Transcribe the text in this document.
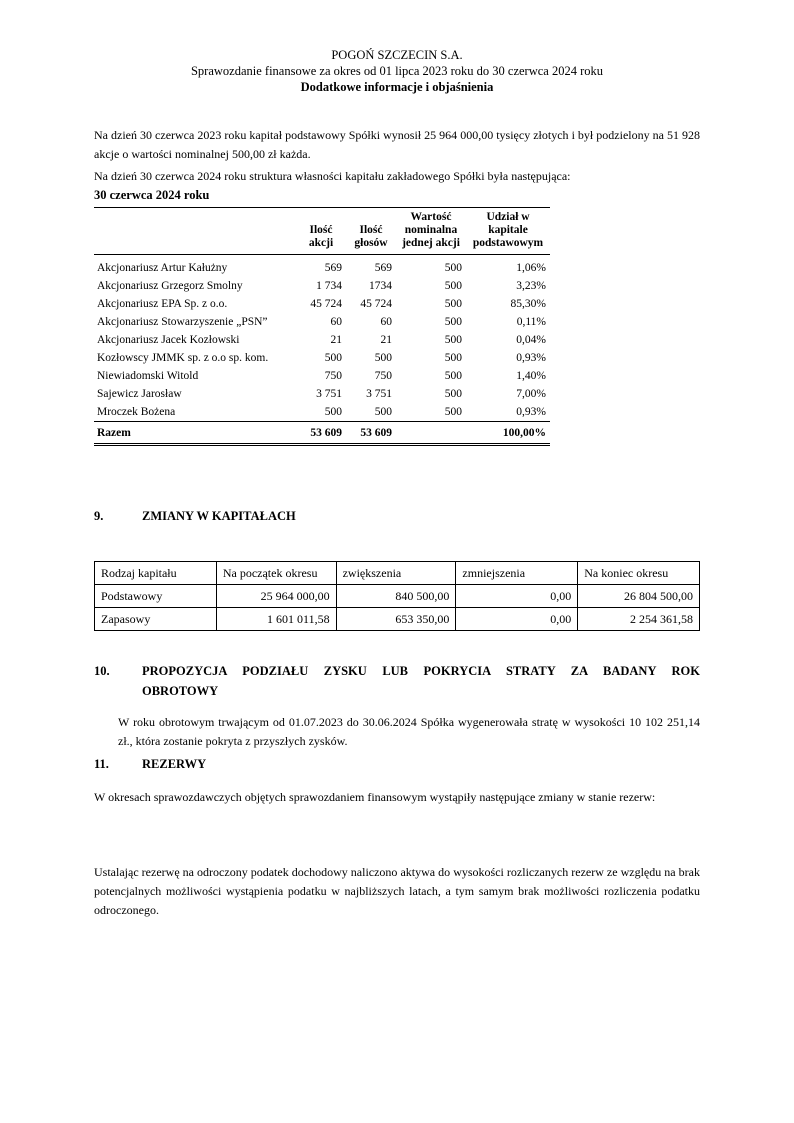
POGOŃ SZCZECIN S.A.
Sprawozdanie finansowe za okres od 01 lipca 2023 roku do 30 czerwca 2024 roku
Dodatkowe informacje i objaśnienia
Na dzień 30 czerwca 2023 roku kapitał podstawowy Spółki wynosił 25 964 000,00 tysięcy złotych i był podzielony na 51 928 akcje o wartości nominalnej 500,00 zł każda.
Na dzień 30 czerwca 2024 roku struktura własności kapitału zakładowego Spółki była następująca:
30 czerwca 2024 roku
	Ilość akcji	Ilość głosów	Wartość nominalna jednej akcji	Udział w kapitale podstawowym

Akcjonariusz Artur Kałużny	569	569	500	1,06%
Akcjonariusz Grzegorz Smolny	1 734	1734	500	3,23%
Akcjonariusz EPA Sp. z o.o.	45 724	45 724	500	85,30%
Akcjonariusz Stowarzyszenie „PSN”	60	60	500	0,11%
Akcjonariusz Jacek Kozłowski	21	21	500	0,04%
Kozłowscy JMMK sp. z o.o sp. kom.	500	500	500	0,93%
Niewiadomski Witold	750	750	500	1,40%
Sajewicz Jarosław	3 751	3 751	500	7,00%
Mroczek Bożena	500	500	500	0,93%
Razem	53 609	53 609		100,00%
9.	ZMIANY W KAPITAŁACH
Rodzaj kapitału	Na początek okresu	zwiększenia	zmniejszenia	Na koniec okresu
Podstawowy	25 964 000,00	840 500,00	0,00	26 804 500,00
Zapasowy	1 601 011,58	653 350,00	0,00	2 254 361,58
10.	PROPOZYCJA PODZIAŁU ZYSKU LUB POKRYCIA STRATY ZA BADANY ROK
OBROTOWY
W roku obrotowym trwającym od 01.07.2023 do 30.06.2024 Spółka wygenerowała stratę w wysokości 10 102 251,14 zł., która zostanie pokryta z przyszłych zysków.
11.	REZERWY
W okresach sprawozdawczych objętych sprawozdaniem finansowym wystąpiły następujące zmiany w stanie rezerw:
Ustalając rezerwę na odroczony podatek dochodowy naliczono aktywa do wysokości rozliczanych rezerw ze względu na brak potencjalnych możliwości wystąpienia podatku w najbliższych latach, a tym samym brak możliwości rozliczenia podatku odroczonego.
